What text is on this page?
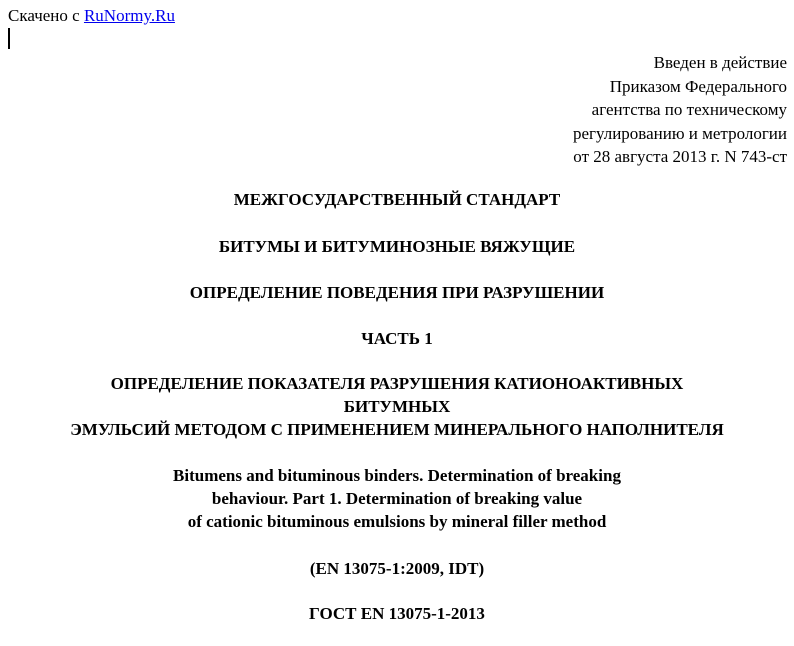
Скачено с RuNormy.Ru
Введен в действие
Приказом Федерального
агентства по техническому
регулированию и метрологии
от 28 августа 2013 г. N 743-ст
МЕЖГОСУДАРСТВЕННЫЙ СТАНДАРТ
БИТУМЫ И БИТУМИНОЗНЫЕ ВЯЖУЩИЕ
ОПРЕДЕЛЕНИЕ ПОВЕДЕНИЯ ПРИ РАЗРУШЕНИИ
ЧАСТЬ 1
ОПРЕДЕЛЕНИЕ ПОКАЗАТЕЛЯ РАЗРУШЕНИЯ КАТИОНОАКТИВНЫХ
БИТУМНЫХ
ЭМУЛЬСИЙ МЕТОДОМ С ПРИМЕНЕНИЕМ МИНЕРАЛЬНОГО НАПОЛНИТЕЛЯ
Bitumens and bituminous binders. Determination of breaking
behaviour. Part 1. Determination of breaking value
of cationic bituminous emulsions by mineral filler method
(EN 13075-1:2009, IDT)
ГОСТ EN 13075-1-2013
